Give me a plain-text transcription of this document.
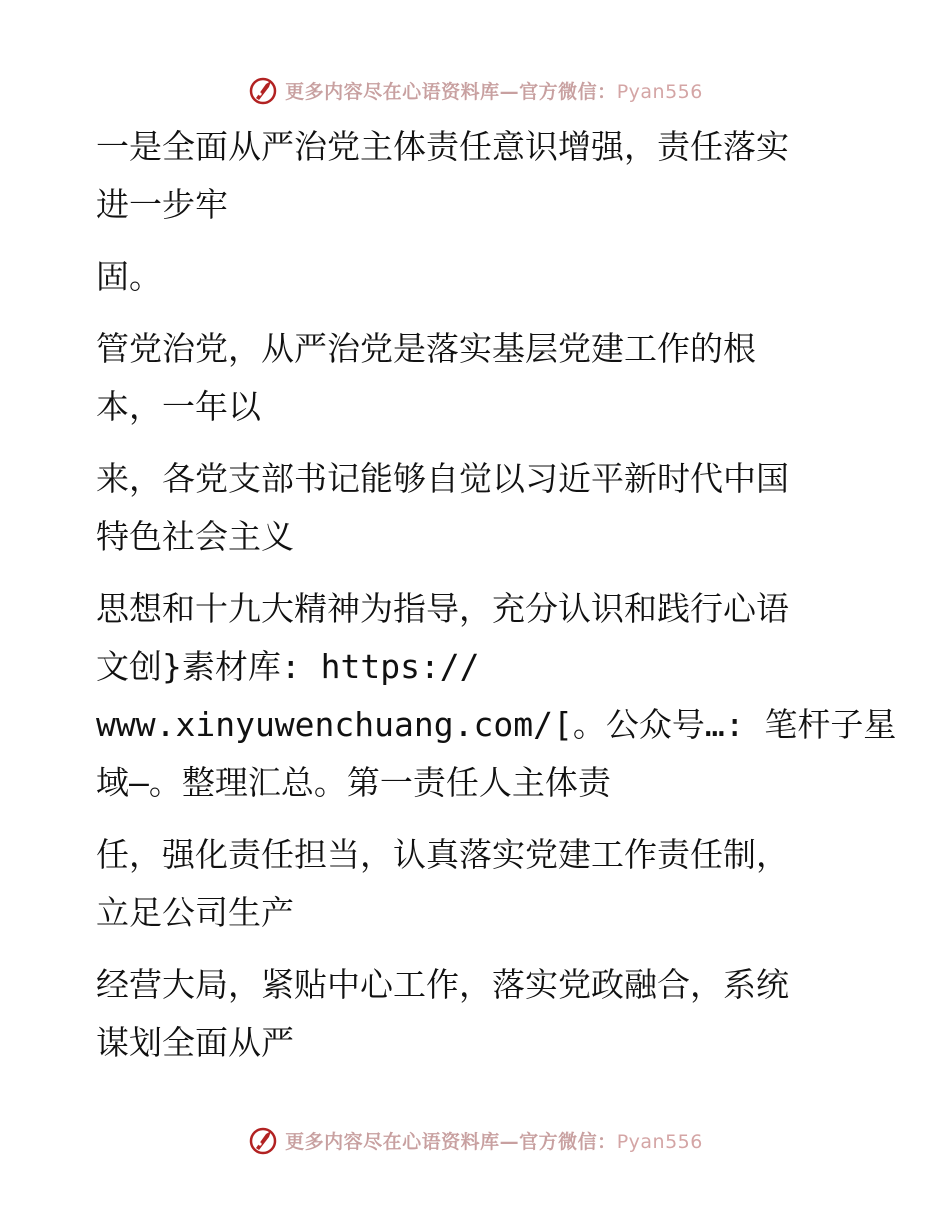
更多内容尽在心语资料库—官方微信：Pyan556
一是全面从严治党主体责任意识增强，责任落实
进一步牢
固。
管党治党，从严治党是落实基层党建工作的根
本，一年以
来，各党支部书记能够自觉以习近平新时代中国
特色社会主义
思想和十九大精神为指导，充分认识和践行心语
文创}素材库: https://
www.xinyuwenchuang.com/[。公众号…: 笔杆子星
域—。整理汇总。第一责任人主体责
任，强化责任担当，认真落实党建工作责任制，
立足公司生产
经营大局，紧贴中心工作，落实党政融合，系统
谋划全面从严
更多内容尽在心语资料库—官方微信：Pyan556
